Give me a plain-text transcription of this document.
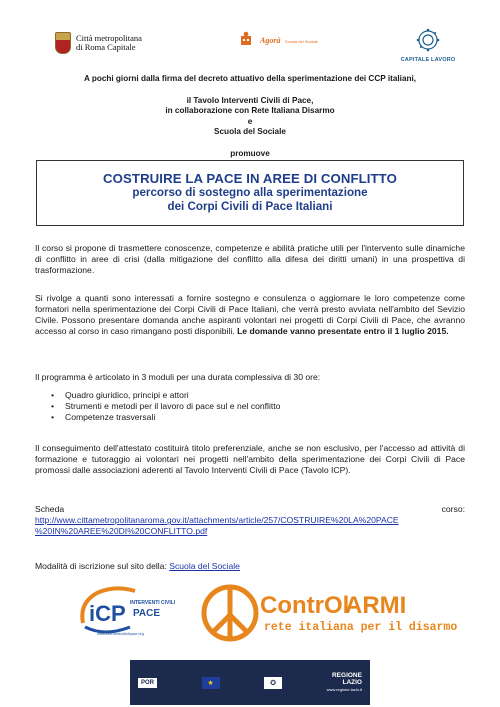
Città metropolitana
di Roma Capitale
Agorà Scuola del Sociale
CAPITALE LAVORO

A pochi giorni dalla firma del decreto attuativo della sperimentazione dei CCP italiani,

il Tavolo Interventi Civili di Pace,

in collaborazione con Rete Italiana Disarmo

e

Scuola del Sociale

promuove

COSTRUIRE LA PACE IN AREE DI CONFLITTO
percorso di sostegno alla sperimentazione
dei Corpi Civili di Pace Italiani
Il corso si propone di trasmettere conoscenze, competenze e abilità pratiche utili per l'intervento sulle dinamiche di conflitto in aree di crisi (dalla mitigazione del conflitto alla difesa dei diritti umani) in una prospettiva di trasformazione.
Si rivolge a quanti sono interessati a fornire sostegno e consulenza o aggiornare le loro competenze come formatori nella sperimentazione dei Corpi Civili di Pace Italiani, che verrà presto avviata nell'ambito del Sevizio Civile. Possono presentare domanda anche aspiranti volontari nei progetti di Corpi Civili di Pace, che avranno accesso al corso in caso rimangano posti disponibili. Le domande vanno presentate entro il 1 luglio 2015.
Il programma è articolato in 3 moduli per una durata complessiva di 30 ore:
• Quadro giuridico, principi e attori
• Strumenti e metodi per il lavoro di pace sul e nel conflitto
• Competenze trasversali
Il conseguimento dell'attestato costituirà titolo preferenziale, anche se non esclusivo, per l'accesso ad attività di formazione e tutoraggio ai volontari nei progetti nell'ambito della sperimentazione dei Corpi Civili di Pace promossi dalle associazioni aderenti al Tavolo Interventi Civili di Pace (Tavolo ICP).
Scheda	corso:
http://www.cittametropolitanaroma.gov.it/attachments/article/257/COSTRUIRE%20LA%20PACE
%20IN%20AREE%20DI%20CONFLITTO.pdf
Modalità di iscrizione sul sito della: Scuola del Sociale
iCP INTERVENTI CIVILI
PACE
www.interventicivilidipace.org
ContrOl
ARMI
rete italiana per il disarmo
POR	★	✪
REGIONE
LAZIO
www.regione.lazio.it
